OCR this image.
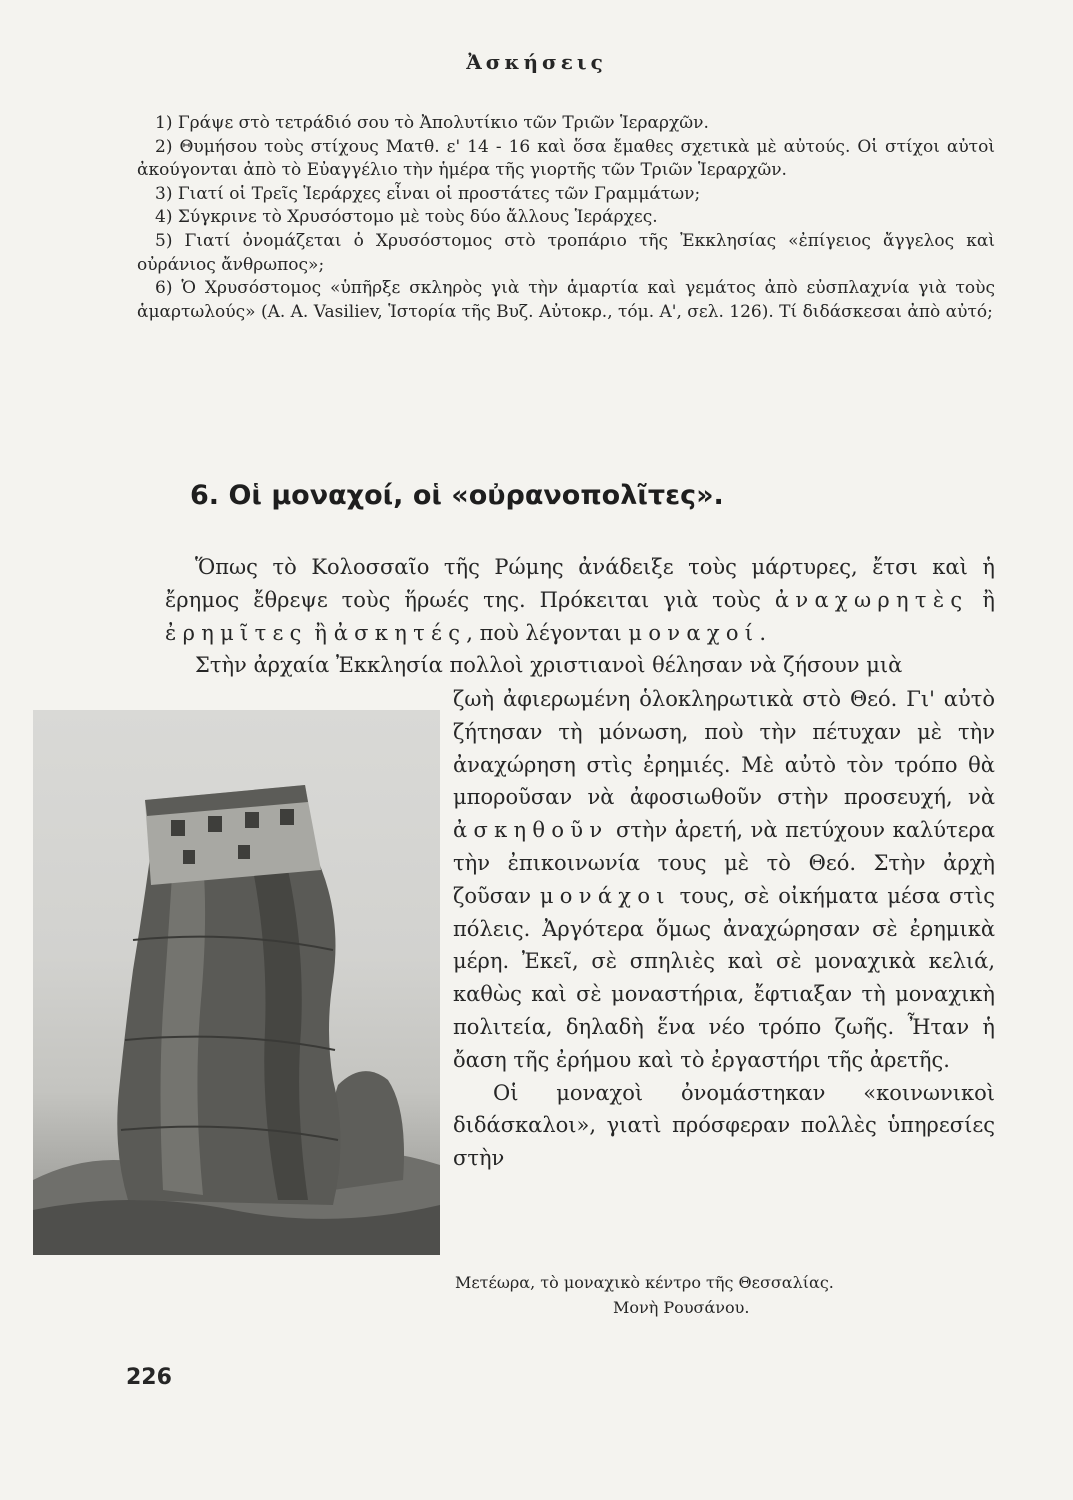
Ἀσκήσεις

1) Γράψε στὸ τετράδιό σου τὸ Ἀπολυτίκιο τῶν Τριῶν Ἱεραρχῶν.

2) Θυμήσου τοὺς στίχους Ματθ. ε' 14 - 16 καὶ ὅσα ἔμαθες σχετικὰ μὲ αὐτούς. Οἱ στίχοι αὐτοὶ ἀκούγονται ἀπὸ τὸ Εὐαγγέλιο τὴν ἡμέρα τῆς γιορτῆς τῶν Τριῶν Ἱεραρχῶν.

3) Γιατί οἱ Τρεῖς Ἱεράρχες εἶναι οἱ προστάτες τῶν Γραμμάτων;

4) Σύγκρινε τὸ Χρυσόστομο μὲ τοὺς δύο ἄλλους Ἱεράρχες.

5) Γιατί ὀνομάζεται ὁ Χρυσόστομος στὸ τροπάριο τῆς Ἐκκλησίας «ἐπίγειος ἄγγελος καὶ οὐράνιος ἄνθρωπος»;

6) Ὁ Χρυσόστομος «ὑπῆρξε σκληρὸς γιὰ τὴν ἁμαρτία καὶ γεμάτος ἀπὸ εὐσπλαχνία γιὰ τοὺς ἁμαρτωλούς» (A. A. Vasiliev, Ἱστορία τῆς Βυζ. Αὐτοκρ., τόμ. Α', σελ. 126). Τί διδάσκεσαι ἀπὸ αὐτό;

6. Οἱ μοναχοί, οἱ «οὐρανοπολῖτες».

Ὅπως τὸ Κολοσσαῖο τῆς Ρώμης ἀνάδειξε τοὺς μάρτυρες, ἔτσι καὶ ἡ ἔρημος ἔθρεψε τοὺς ἥρωές της. Πρόκειται γιὰ τοὺς ἀναχωρητὲς ἢ ἐρημῖτες ἢ ἀσκητές, ποὺ λέγονται μοναχοί.

Στὴν ἀρχαία Ἐκκλησία πολλοὶ χριστιανοὶ θέλησαν νὰ ζήσουν μιὰ

ζωὴ ἀφιερωμένη ὁλοκληρωτικὰ στὸ Θεό. Γι' αὐτὸ ζήτησαν τὴ μόνωση, ποὺ τὴν πέτυχαν μὲ τὴν ἀναχώρηση στὶς ἐρημιές. Μὲ αὐτὸ τὸν τρόπο θὰ μποροῦσαν νὰ ἀφοσιωθοῦν στὴν προσευχή, νὰ ἀσκηθοῦν στὴν ἀρετή, νὰ πετύχουν καλύτερα τὴν ἐπικοινωνία τους μὲ τὸ Θεό. Στὴν ἀρχὴ ζοῦσαν μονάχοι τους, σὲ οἰκήματα μέσα στὶς πόλεις. Ἀργότερα ὅμως ἀναχώρησαν σὲ ἐρημικὰ μέρη. Ἐκεῖ, σὲ σπηλιὲς καὶ σὲ μοναχικὰ κελιά, καθὼς καὶ σὲ μοναστήρια, ἔφτιαξαν τὴ μοναχικὴ πολιτεία, δηλαδὴ ἕνα νέο τρόπο ζωῆς. Ἦταν ἡ ὄαση τῆς ἐρήμου καὶ τὸ ἐργαστήρι τῆς ἀρετῆς.

Οἱ μοναχοὶ ὀνομάστηκαν «κοινωνικοὶ διδάσκαλοι», γιατὶ πρόσφεραν πολλὲς ὑπηρεσίες στὴν

Μετέωρα, τὸ μοναχικὸ κέντρο τῆς Θεσσαλίας.

Μονὴ Ρουσάνου.

226
